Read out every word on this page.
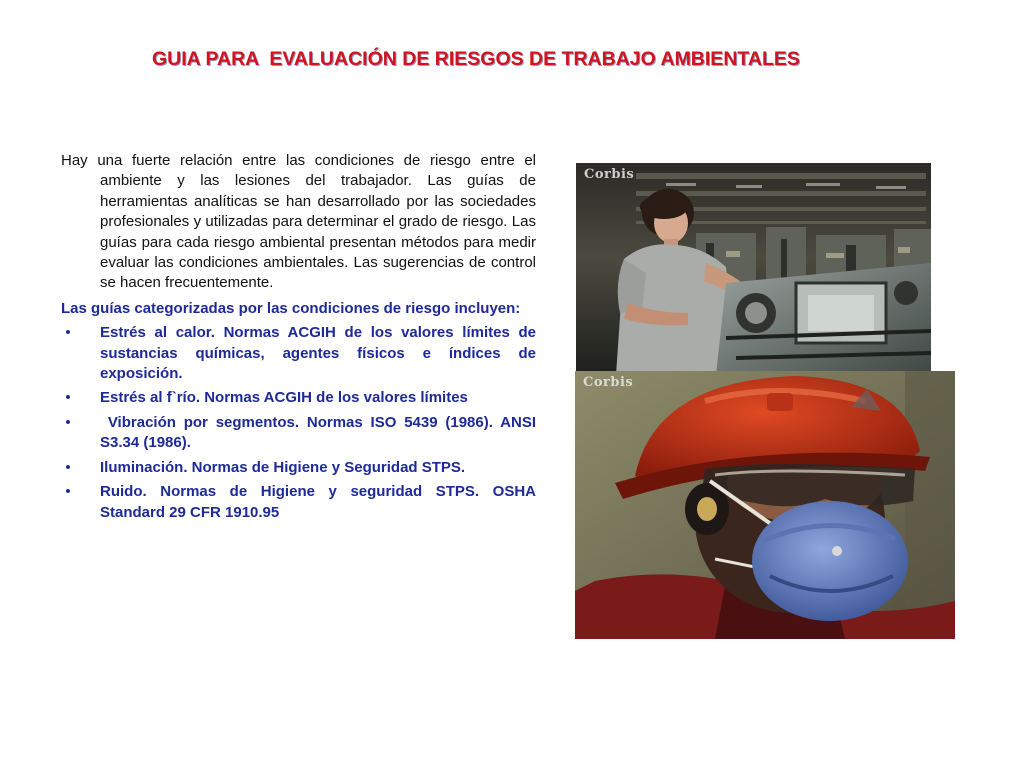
GUIA PARA  EVALUACIÓN DE RIESGOS DE TRABAJO AMBIENTALES

Hay una fuerte relación entre las condiciones de riesgo entre el ambiente y las lesiones del trabajador. Las guías de herramientas analíticas se han desarrollado por las sociedades profesionales y utilizadas para determinar el grado de riesgo. Las guías para cada riesgo ambiental presentan métodos para medir evaluar las condiciones ambientales. Las sugerencias de control se hacen frecuentemente.

Las guías categorizadas por las condiciones de riesgo incluyen:

• Estrés al calor. Normas ACGIH de los valores límites de sustancias químicas, agentes físicos e índices de exposición.
• Estrés al f`río. Normas ACGIH de los valores límites
• Vibración por segmentos. Normas ISO 5439 (1986). ANSI S3.34 (1986).
• Iluminación. Normas de Higiene y Seguridad STPS.
• Ruido. Normas de Higiene y seguridad STPS. OSHA Standard 29 CFR 1910.95
Corbis
Corbis
